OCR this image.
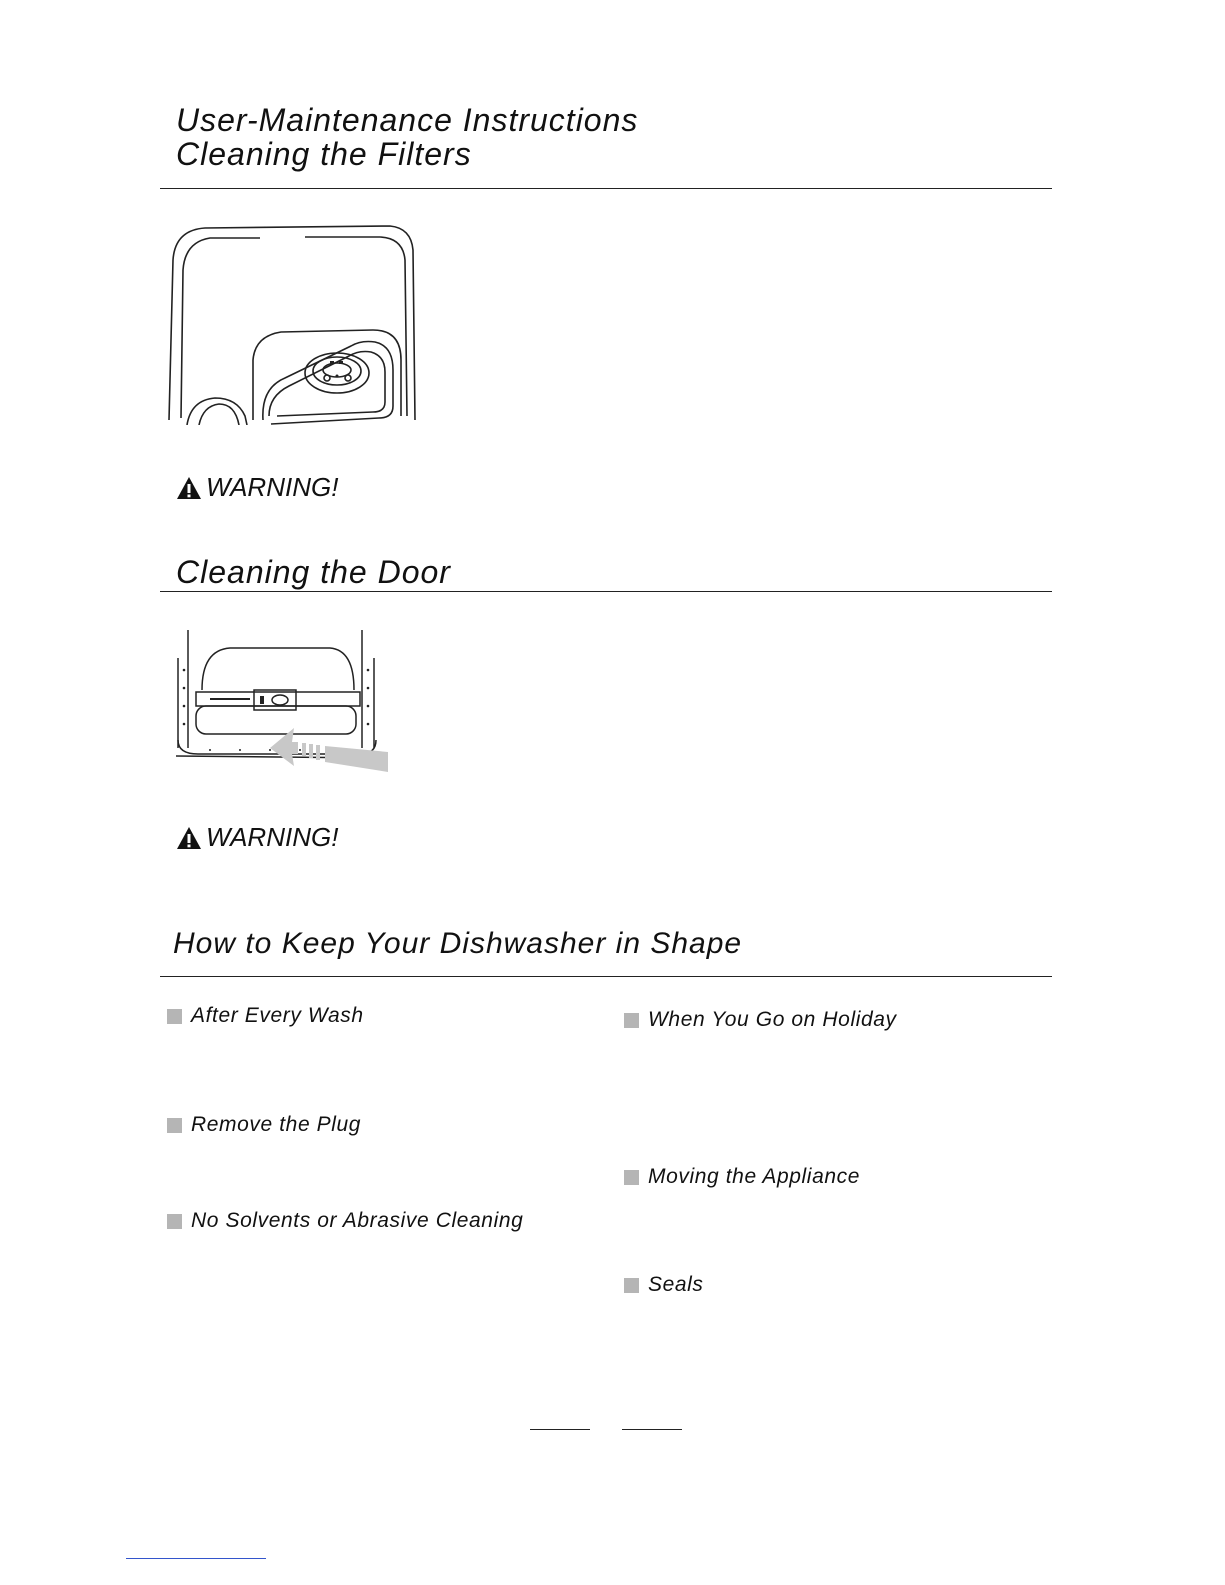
User-Maintenance Instructions
Cleaning the Filters
WARNING!
Cleaning the Door
WARNING!
How to Keep Your Dishwasher in Shape
After Every Wash
Remove the Plug
No Solvents or Abrasive Cleaning
When You Go on Holiday
Moving the Appliance
Seals
